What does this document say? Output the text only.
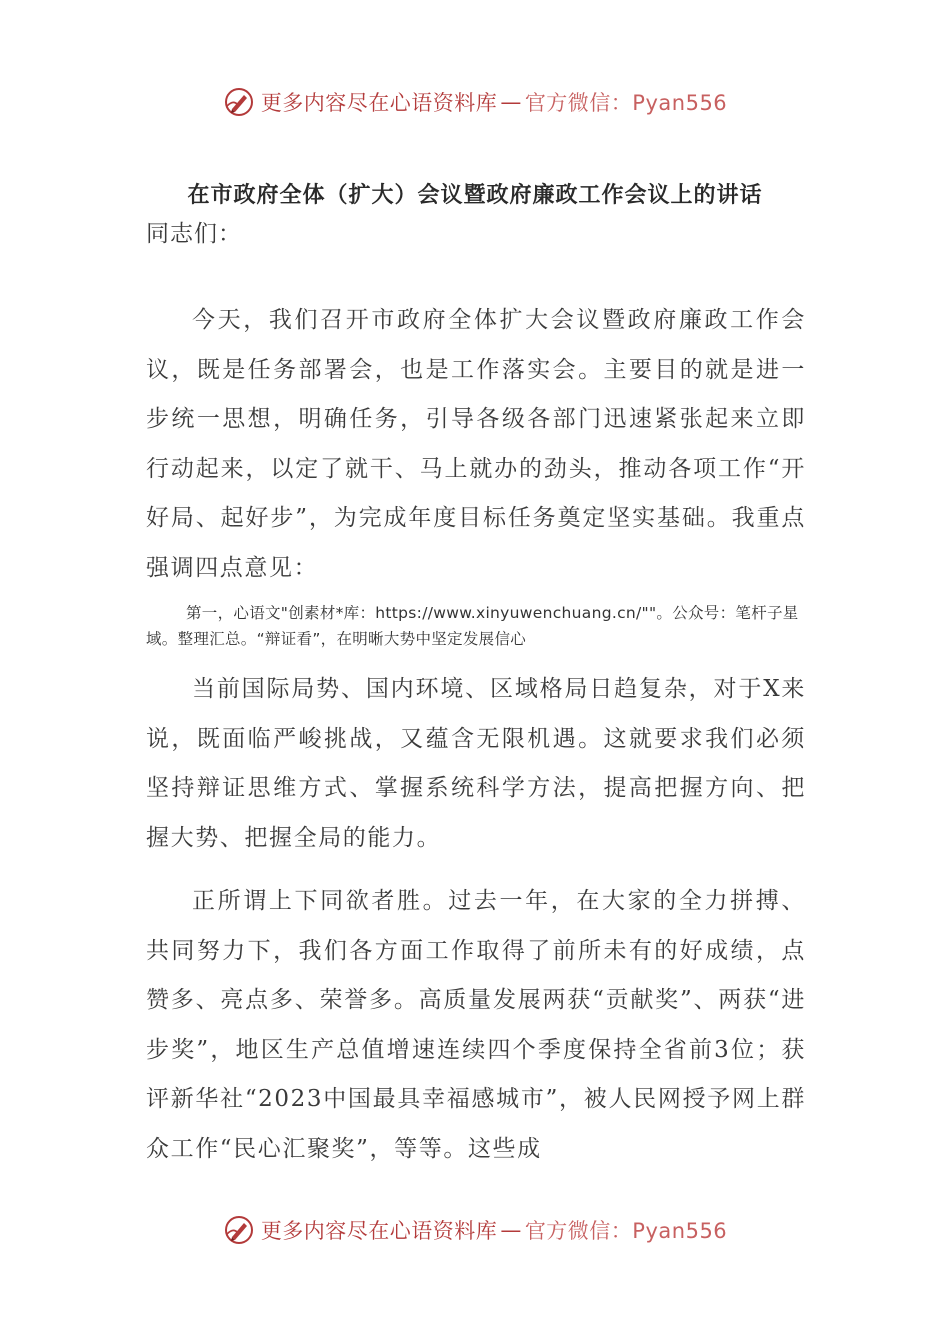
更多内容尽在心语资料库 — 官方微信：Pyan556
在市政府全体（扩大）会议暨政府廉政工作会议上的讲话
同志们：
今天，我们召开市政府全体扩大会议暨政府廉政工作会议，既是任务部署会，也是工作落实会。主要目的就是进一步统一思想，明确任务，引导各级各部门迅速紧张起来立即行动起来，以定了就干、马上就办的劲头，推动各项工作“开好局、起好步”，为完成年度目标任务奠定坚实基础。我重点强调四点意见：
第一，心语文"创素材*库：https://www.xinyuwenchuang.cn/""。公众号：笔杆子星域。整理汇总。“辩证看”，在明晰大势中坚定发展信心
当前国际局势、国内环境、区域格局日趋复杂，对于X来说，既面临严峻挑战，又蕴含无限机遇。这就要求我们必须坚持辩证思维方式、掌握系统科学方法，提高把握方向、把握大势、把握全局的能力。
正所谓上下同欲者胜。过去一年，在大家的全力拼搏、共同努力下，我们各方面工作取得了前所未有的好成绩，点赞多、亮点多、荣誉多。高质量发展两获“贡献奖”、两获“进步奖”，地区生产总值增速连续四个季度保持全省前3位；获评新华社“2023中国最具幸福感城市”，被人民网授予网上群众工作“民心汇聚奖”，等等。这些成
更多内容尽在心语资料库 — 官方微信：Pyan556
